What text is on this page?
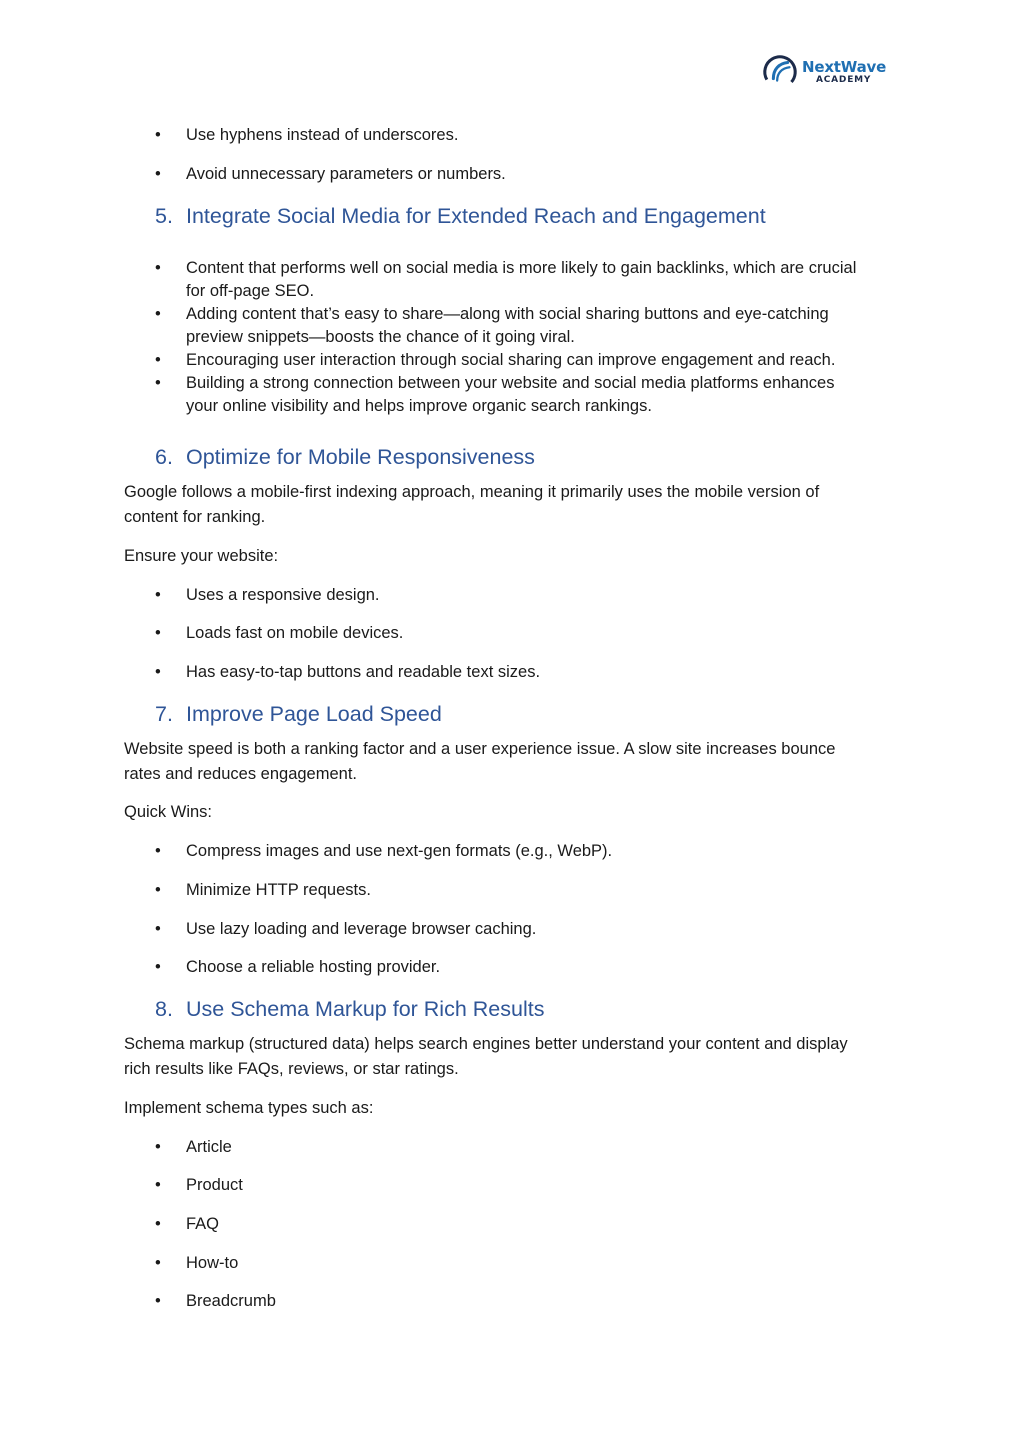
NextWave
ACADEMY
• Use hyphens instead of underscores.
• Avoid unnecessary parameters or numbers.
5. Integrate Social Media for Extended Reach and Engagement
• Content that performs well on social media is more likely to gain backlinks, which are crucial
for off-page SEO.
• Adding content that’s easy to share—along with social sharing buttons and eye-catching
preview snippets—boosts the chance of it going viral.
• Encouraging user interaction through social sharing can improve engagement and reach.
• Building a strong connection between your website and social media platforms enhances
your online visibility and helps improve organic search rankings.
6. Optimize for Mobile Responsiveness
Google follows a mobile-first indexing approach, meaning it primarily uses the mobile version of
content for ranking.
Ensure your website:
• Uses a responsive design.
• Loads fast on mobile devices.
• Has easy-to-tap buttons and readable text sizes.
7. Improve Page Load Speed
Website speed is both a ranking factor and a user experience issue. A slow site increases bounce
rates and reduces engagement.
Quick Wins:
• Compress images and use next-gen formats (e.g., WebP).
• Minimize HTTP requests.
• Use lazy loading and leverage browser caching.
• Choose a reliable hosting provider.
8. Use Schema Markup for Rich Results
Schema markup (structured data) helps search engines better understand your content and display
rich results like FAQs, reviews, or star ratings.
Implement schema types such as:
• Article
• Product
• FAQ
• How-to
• Breadcrumb
